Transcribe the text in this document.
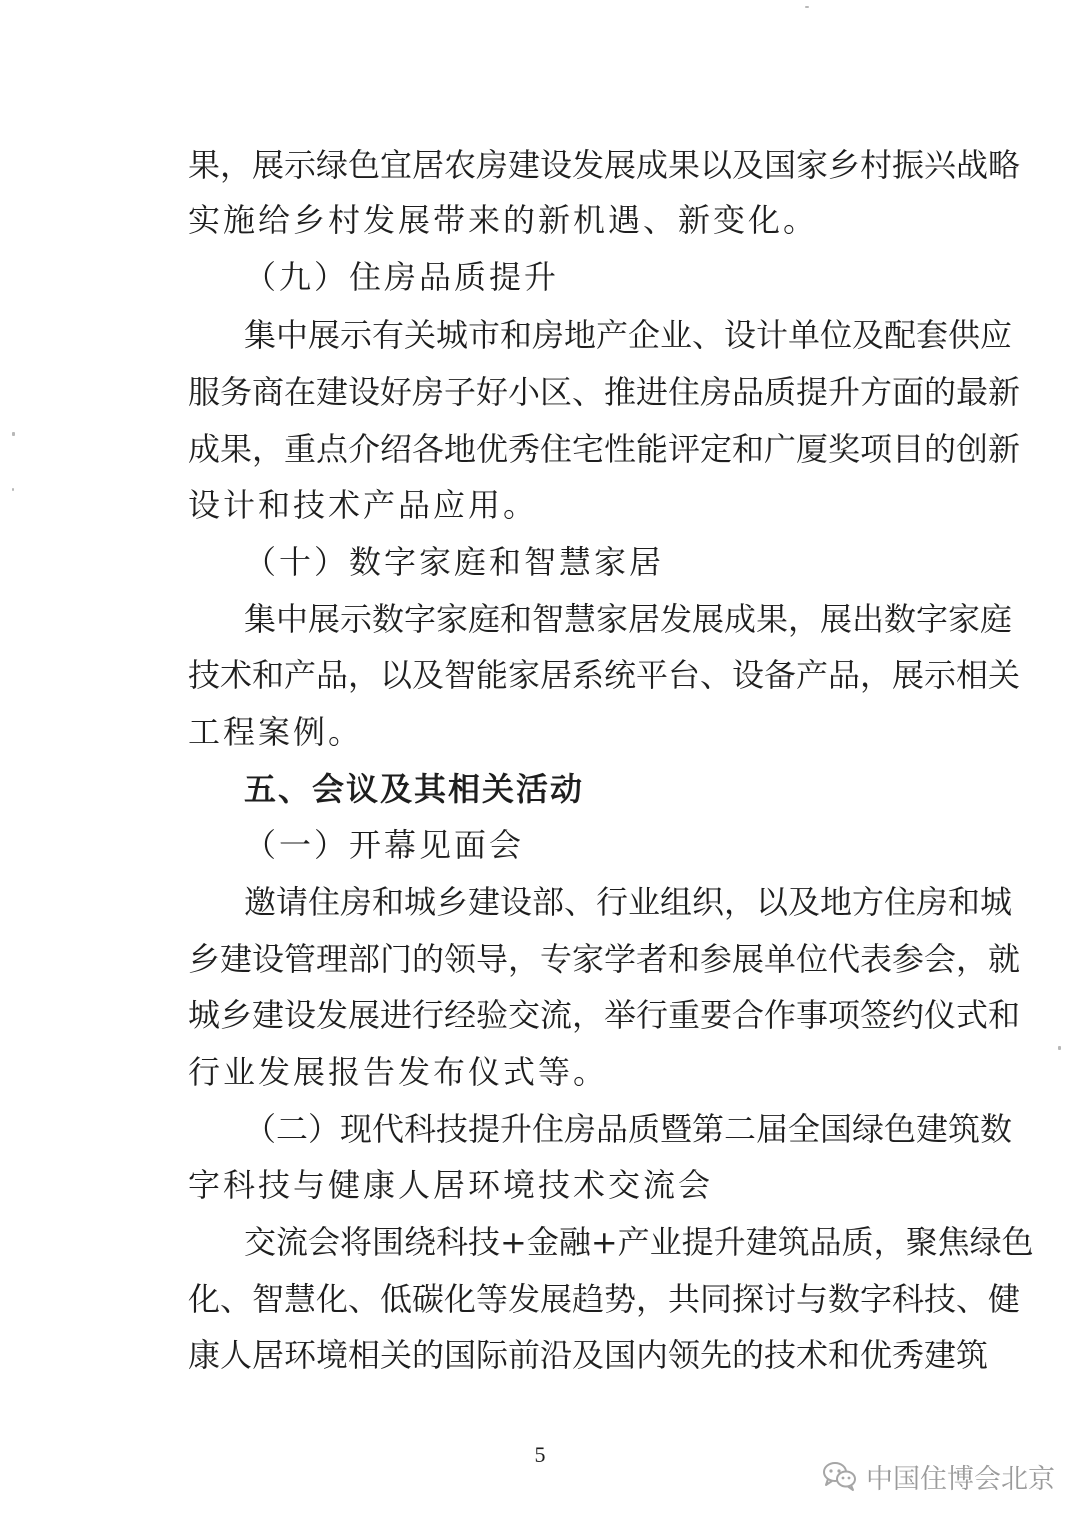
果，展示绿色宜居农房建设发展成果以及国家乡村振兴战略
实施给乡村发展带来的新机遇、新变化。
（九）住房品质提升
集中展示有关城市和房地产企业、设计单位及配套供应
服务商在建设好房子好小区、推进住房品质提升方面的最新
成果，重点介绍各地优秀住宅性能评定和广厦奖项目的创新
设计和技术产品应用。
（十）数字家庭和智慧家居
集中展示数字家庭和智慧家居发展成果，展出数字家庭
技术和产品，以及智能家居系统平台、设备产品，展示相关
工程案例。
五、会议及其相关活动
（一）开幕见面会
邀请住房和城乡建设部、行业组织，以及地方住房和城
乡建设管理部门的领导，专家学者和参展单位代表参会，就
城乡建设发展进行经验交流，举行重要合作事项签约仪式和
行业发展报告发布仪式等。
（二）现代科技提升住房品质暨第二届全国绿色建筑数
字科技与健康人居环境技术交流会
交流会将围绕科技+金融+产业提升建筑品质，聚焦绿色
化、智慧化、低碳化等发展趋势，共同探讨与数字科技、健
康人居环境相关的国际前沿及国内领先的技术和优秀建筑
5
中国住博会北京
